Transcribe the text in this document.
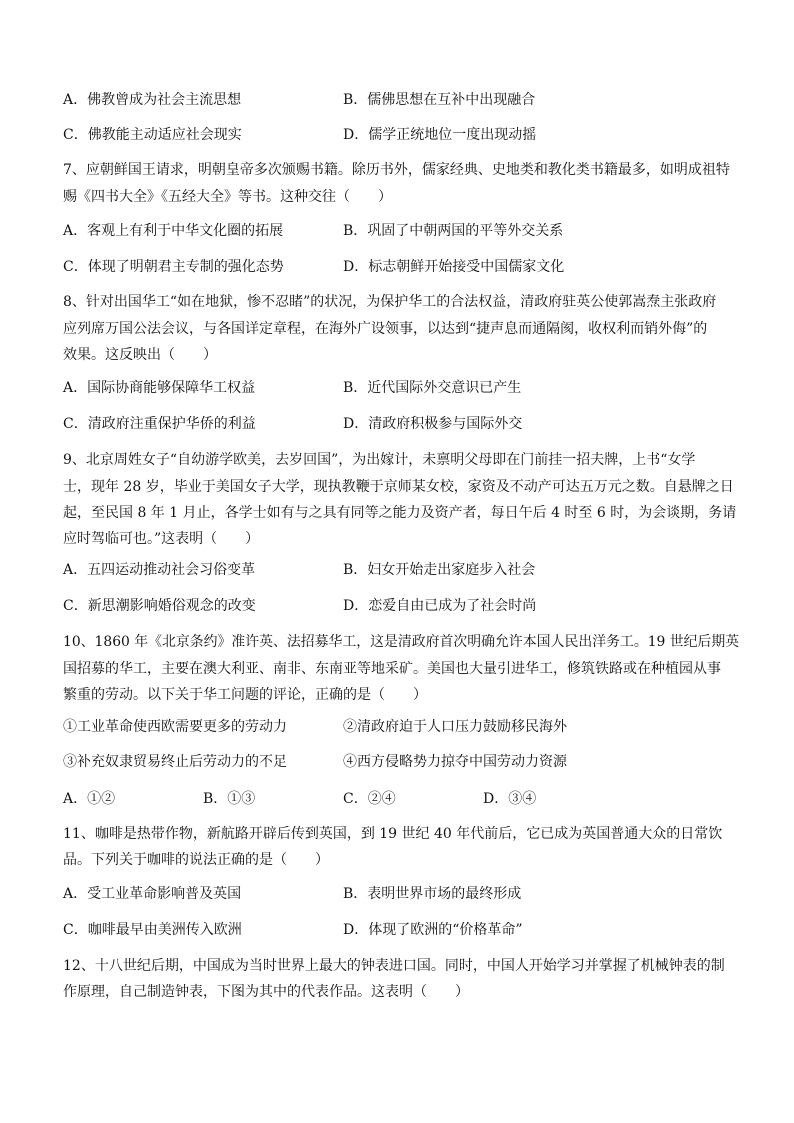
A．佛教曾成为社会主流思想	B．儒佛思想在互补中出现融合
C．佛教能主动适应社会现实	D．儒学正统地位一度出现动摇
7、应朝鲜国王请求，明朝皇帝多次颁赐书籍。除历书外，儒家经典、史地类和教化类书籍最多，如明成祖特
赐《四书大全》《五经大全》等书。这种交往（　　）
A．客观上有利于中华文化圈的拓展	B．巩固了中朝两国的平等外交关系
C．体现了明朝君主专制的强化态势	D．标志朝鲜开始接受中国儒家文化
8、针对出国华工“如在地狱，惨不忍睹”的状况，为保护华工的合法权益，清政府驻英公使郭嵩焘主张政府
应列席万国公法会议，与各国详定章程，在海外广设领事，以达到“捷声息而通隔阂，收权利而销外侮”的
效果。这反映出（　　）
A．国际协商能够保障华工权益	B．近代国际外交意识已产生
C．清政府注重保护华侨的利益	D．清政府积极参与国际外交
9、北京周姓女子“自幼游学欧美，去岁回国”，为出嫁计，未禀明父母即在门前挂一招夫牌，上书“女学
士，现年 28 岁，毕业于美国女子大学，现执教鞭于京师某女校，家资及不动产可达五万元之数。自悬牌之日
起，至民国 8 年 1 月止，各学士如有与之具有同等之能力及资产者，每日午后 4 时至 6 时，为会谈期，务请
应时驾临可也。”这表明（　　）
A．五四运动推动社会习俗变革	B．妇女开始走出家庭步入社会
C．新思潮影响婚俗观念的改变	D．恋爱自由已成为了社会时尚
10、1860 年《北京条约》准许英、法招募华工，这是清政府首次明确允许本国人民出洋务工。19 世纪后期英
国招募的华工，主要在澳大利亚、南非、东南亚等地采矿。美国也大量引进华工，修筑铁路或在种植园从事
繁重的劳动。以下关于华工问题的评论，正确的是（　　）
①工业革命使西欧需要更多的劳动力	②清政府迫于人口压力鼓励移民海外
③补充奴隶贸易终止后劳动力的不足	④西方侵略势力掠夺中国劳动力资源
A．①②	B．①③	C．②④	D．③④
11、咖啡是热带作物，新航路开辟后传到英国，到 19 世纪 40 年代前后，它已成为英国普通大众的日常饮
品。下列关于咖啡的说法正确的是（　　）
A．受工业革命影响普及英国	B．表明世界市场的最终形成
C．咖啡最早由美洲传入欧洲	D．体现了欧洲的“价格革命”
12、十八世纪后期，中国成为当时世界上最大的钟表进口国。同时，中国人开始学习并掌握了机械钟表的制
作原理，自己制造钟表，下图为其中的代表作品。这表明（　　）
